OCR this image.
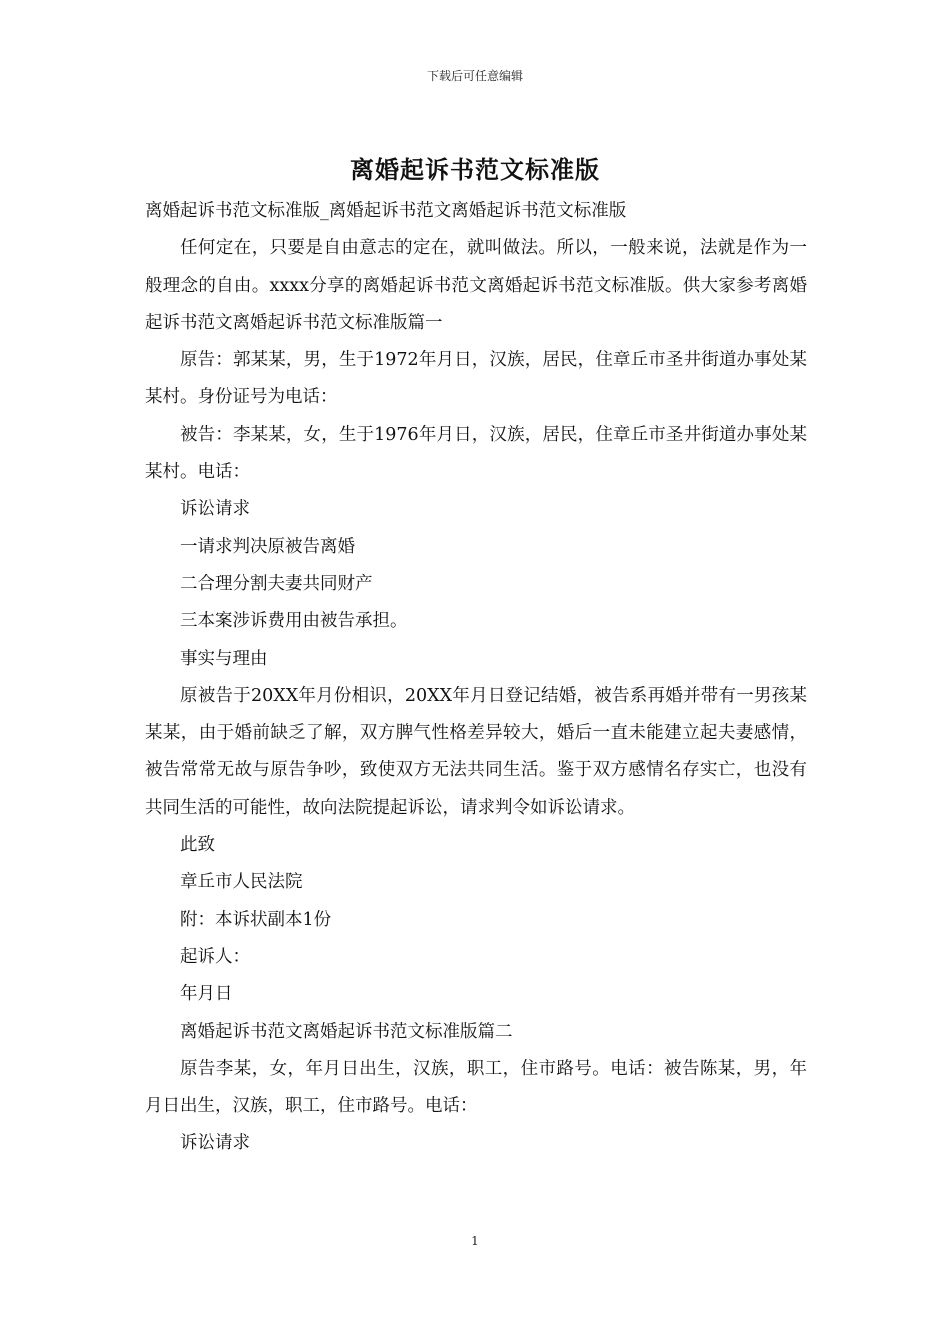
下载后可任意编辑
离婚起诉书范文标准版

离婚起诉书范文标准版_离婚起诉书范文离婚起诉书范文标准版

任何定在，只要是自由意志的定在，就叫做法。所以，一般来说，法就是作为一般理念的自由。xxxx分享的离婚起诉书范文离婚起诉书范文标准版。供大家参考离婚起诉书范文离婚起诉书范文标准版篇一

原告：郭某某，男，生于1972年月日，汉族，居民，住章丘市圣井街道办事处某某村。身份证号为电话：

被告：李某某，女，生于1976年月日，汉族，居民，住章丘市圣井街道办事处某某村。电话：

诉讼请求

一请求判决原被告离婚

二合理分割夫妻共同财产

三本案涉诉费用由被告承担。

事实与理由

原被告于20XX年月份相识，20XX年月日登记结婚，被告系再婚并带有一男孩某某某，由于婚前缺乏了解，双方脾气性格差异较大，婚后一直未能建立起夫妻感情，被告常常无故与原告争吵，致使双方无法共同生活。鉴于双方感情名存实亡，也没有共同生活的可能性，故向法院提起诉讼，请求判令如诉讼请求。

此致

章丘市人民法院

附：本诉状副本1份

起诉人：

年月日

离婚起诉书范文离婚起诉书范文标准版篇二

原告李某，女，年月日出生，汉族，职工，住市路号。电话：被告陈某，男，年月日出生，汉族，职工，住市路号。电话：

诉讼请求

1
